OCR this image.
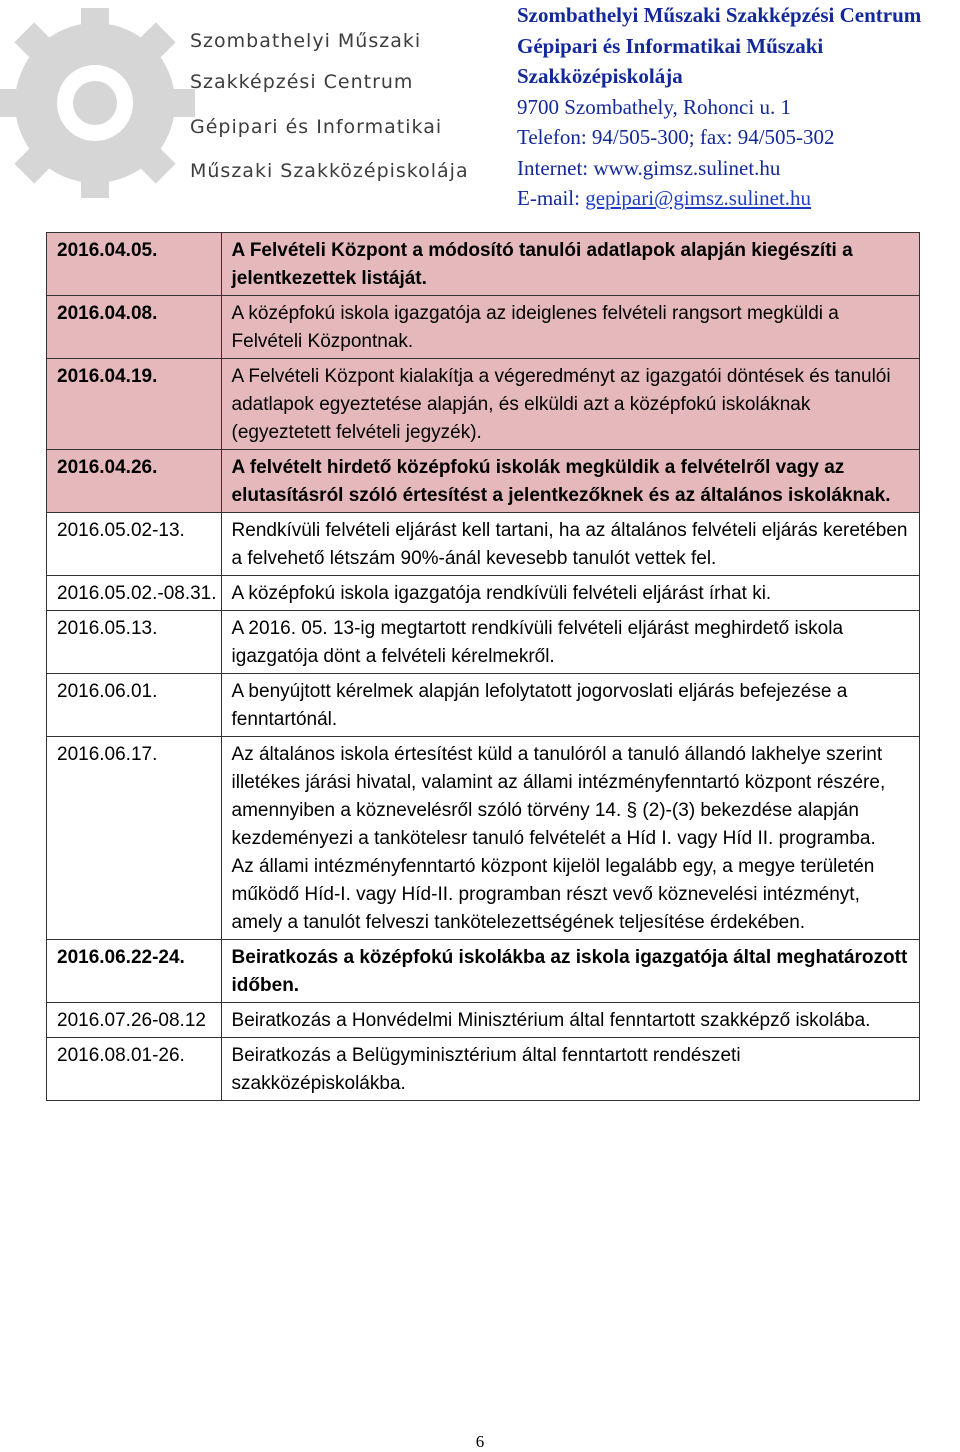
Szombathelyi Műszaki
Szakképzési Centrum
Gépipari és Informatikai
Műszaki Szakközépiskolája
Szombathelyi Műszaki Szakképzési Centrum
Gépipari és Informatikai Műszaki
Szakközépiskolája
9700 Szombathely, Rohonci u. 1
Telefon: 94/505-300; fax: 94/505-302
Internet: www.gimsz.sulinet.hu
E-mail: gepipari@gimsz.sulinet.hu
2016.04.05.	A Felvételi Központ a módosító tanulói adatlapok alapján kiegészíti a jelentkezettek listáját.
2016.04.08.	A középfokú iskola igazgatója az ideiglenes felvételi rangsort megküldi a Felvételi Központnak.
2016.04.19.	A Felvételi Központ kialakítja a végeredményt az igazgatói döntések és tanulói adatlapok egyeztetése alapján, és elküldi azt a középfokú iskoláknak (egyeztetett felvételi jegyzék).
2016.04.26.	A felvételt hirdető középfokú iskolák megküldik a felvételről vagy az elutasításról szóló értesítést a jelentkezőknek és az általános iskoláknak.
2016.05.02-13.	Rendkívüli felvételi eljárást kell tartani, ha az általános felvételi eljárás keretében a felvehető létszám 90%-ánál kevesebb tanulót vettek fel.
2016.05.02.-08.31.	A középfokú iskola igazgatója rendkívüli felvételi eljárást írhat ki.
2016.05.13.	A 2016. 05. 13-ig megtartott rendkívüli felvételi eljárást meghirdető iskola igazgatója dönt a felvételi kérelmekről.
2016.06.01.	A benyújtott kérelmek alapján lefolytatott jogorvoslati eljárás befejezése a fenntartónál.
2016.06.17.	Az általános iskola értesítést küld a tanulóról a tanuló állandó lakhelye szerint illetékes járási hivatal, valamint az állami intézményfenntartó központ részére, amennyiben a köznevelésről szóló törvény 14. § (2)-(3) bekezdése alapján kezdeményezi a tankötelesr tanuló felvételét a Híd I. vagy Híd II. programba.
Az állami intézményfenntartó központ kijelöl legalább egy, a megye területén működő Híd-I. vagy Híd-II. programban részt vevő köznevelési intézményt, amely a tanulót felveszi tankötelezettségének teljesítése érdekében.

2016.06.22-24.	Beiratkozás a középfokú iskolákba az iskola igazgatója által meghatározott időben.
2016.07.26-08.12	Beiratkozás a Honvédelmi Minisztérium által fenntartott szakképző iskolába.
2016.08.01-26.	Beiratkozás a Belügyminisztérium által fenntartott rendészeti szakközépiskolákba.
6
